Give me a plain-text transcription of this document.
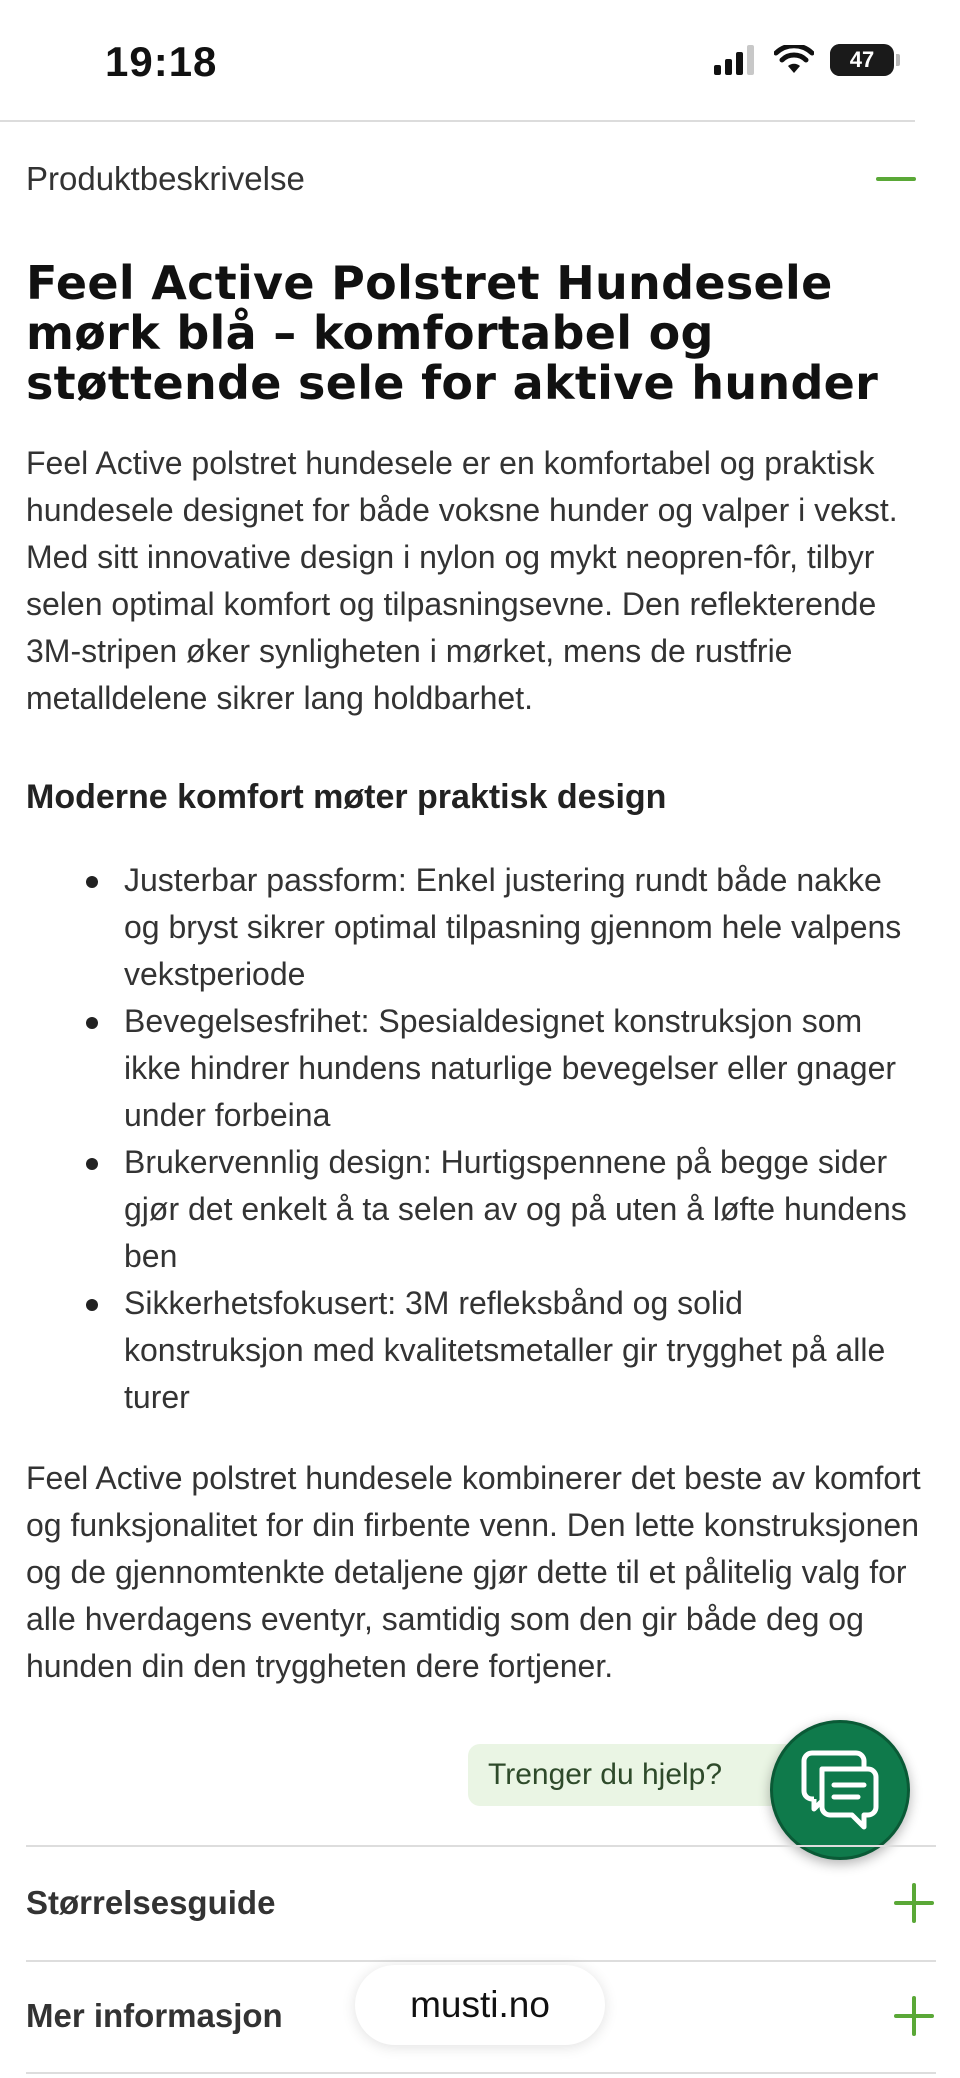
19:18	47
Produktbeskrivelse
Feel Active Polstret Hundesele mørk blå – komfortabel og støttende sele for aktive hunder

Feel Active polstret hundesele er en komfortabel og praktisk hundesele designet for både voksne hunder og valper i vekst. Med sitt innovative design i nylon og mykt neopren-fôr, tilbyr selen optimal komfort og tilpasningsevne. Den reflekterende 3M-stripen øker synligheten i mørket, mens de rustfrie metalldelene sikrer lang holdbarhet.

Moderne komfort møter praktisk design
Justerbar passform: Enkel justering rundt både nakke og bryst sikrer optimal tilpasning gjennom hele valpens vekstperiode
Bevegelsesfrihet: Spesialdesignet konstruksjon som ikke hindrer hundens naturlige bevegelser eller gnager under forbeina
Brukervennlig design: Hurtigspennene på begge sider gjør det enkelt å ta selen av og på uten å løfte hundens ben
Sikkerhetsfokusert: 3M refleksbånd og solid konstruksjon med kvalitetsmetaller gir trygghet på alle turer

Feel Active polstret hundesele kombinerer det beste av komfort og funksjonalitet for din firbente venn. Den lette konstruksjonen og de gjennomtenkte detaljene gjør dette til et pålitelig valg for alle hverdagens eventyr, samtidig som den gir både deg og hunden din den tryggheten dere fortjener.

Trenger du hjelp?
Størrelsesguide
Mer informasjon	musti.no
